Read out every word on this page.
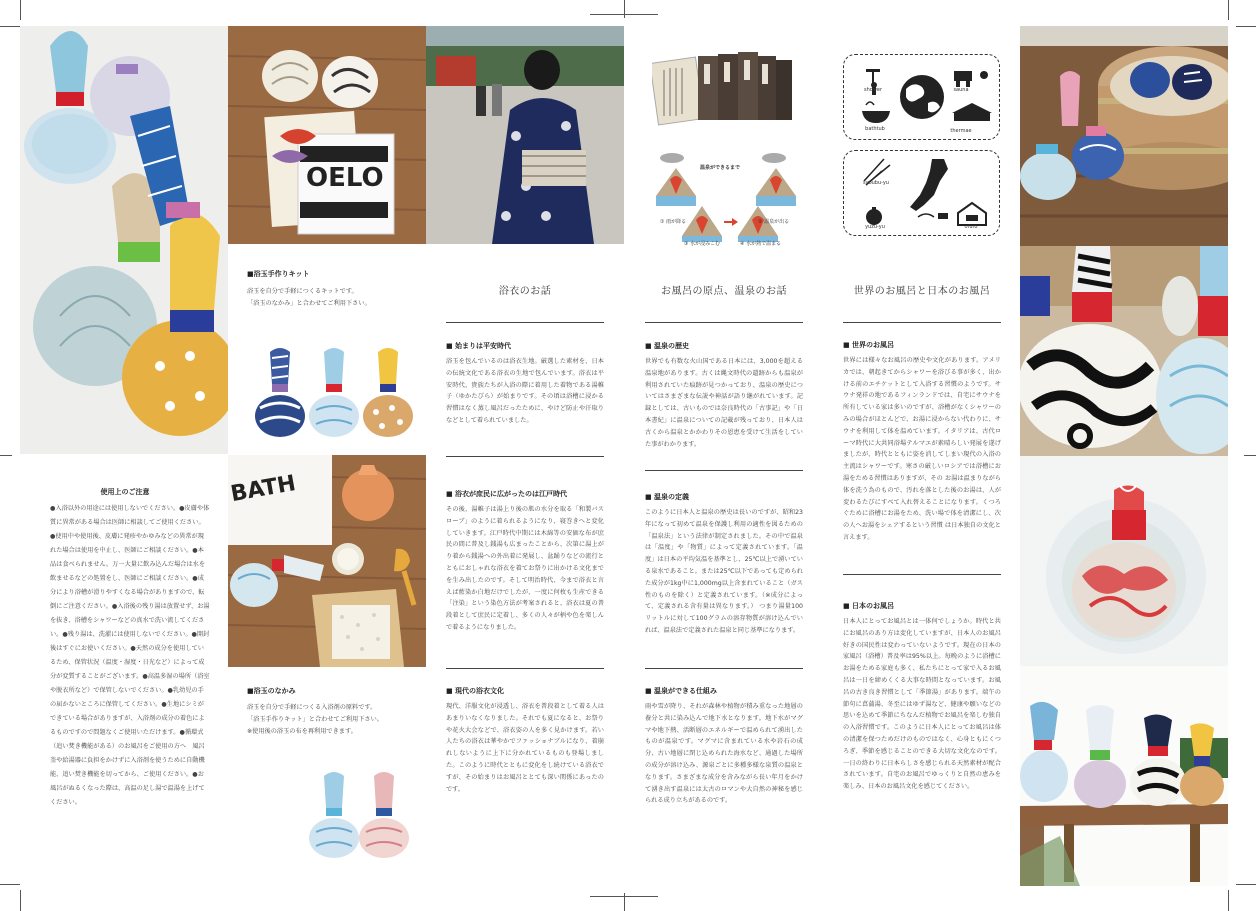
使用上のご注意
●入浴以外の用途には使用しないでください。●皮膚や体質に異常がある場合は医師に相談してご使用ください。●使用中や使用後、皮膚に発疹やかゆみなどの異常が現れた場合は使用を中止し、医師にご相談ください。●本品は食べられません。万一大量に飲み込んだ場合は水を飲ませるなどの処置をし、医師にご相談ください。●成分により浴槽が滑りやすくなる場合がありますので、転倒にご注意ください。●入浴後の残り湯は放置せず、お湯を抜き、浴槽をシャワーなどの真水で洗い流してください。●残り湯は、洗濯には使用しないでください。●開封後はすぐにお使いください。●天然の成分を使用しているため、保管状況（温度・湿度・日光など）によって成分が変質することがございます。●高温多湿の場所（浴室や脱衣所など）で保管しないでください。●乳幼児の手の届かないところに保管してください。●生地にシミができている場合がありますが、入浴剤の成分の着色によるものですので問題なくご使用いただけます。●循環式（追い焚き機能がある）のお風呂をご使用の方へ　風呂釜や給湯器に負担をかけずに入浴剤を使うために自動機能、追い焚き機能を切ってから、ご使用ください。●お風呂がぬるくなった際は、高温の足し湯で温湯を上げてください。
OELO
■浴玉手作りキット
浴玉を自分で手軽につくるキットです。
「浴玉のなかみ」と合わせてご利用下さい。
BATH
■浴玉のなかみ
浴玉を自分で手軽につくる入浴剤の原料です。
「浴玉手作りキット」と合わせてご利用下さい。
※使用後の浴玉の布を再利用できます。
浴衣のお話
■ 始まりは平安時代
浴玉を包んでいるのは浴衣生地。厳選した素材を、日本の伝統文化である浴衣の生地で包んでいます。浴衣は平安時代、貴族たちが入浴の際に着用した着物である湯帷子（ゆかたびら）が始まりです。その頃は浴槽に浸かる習慣はなく蒸し風呂だったために、やけど防止や汗取りなどとして着られていました。
■ 浴衣が庶民に広がったのは江戸時代
その後、湯帷子は湯上り後の肌の水分を取る「和製バスローブ」のように着られるようになり、寝巻きへと変化していきます。江戸時代中期には木綿等の安価な布が庶民の間に普及し銭湯も広まったことから、次第に湯上がり着から銭湯への外出着に発展し、盆踊りなどの流行とともにおしゃれな浴衣を着てお祭りに出かける文化までを生み出したのです。そして明治時代、今まで浴衣と言えば藍染か白地だけでしたが、一度に何枚も生産できる「注染」という染色方法が考案されると、浴衣は夏の普段着として庶民に定着し、多くの人々が柄や色を楽しんで着るようになりました。
■ 現代の浴衣文化
現代、洋服文化が浸透し、浴衣を普段着として着る人はあまりいなくなりました。それでも夏になると、お祭りや花火大会などで、浴衣姿の人を多く見かけます。若い人たちの浴衣は華やかでファッショナブルになり、着崩れしないように上下に分かれているものも登場しました。このように時代とともに変化をし続けている浴衣ですが、その始まりはお風呂ととても深い関係にあったのです。
温泉ができるまで
① 雨が降る	② 温泉が出る
③ 水が浸みこむ	④ 水が熱で温まる
お風呂の原点、温泉のお話
■ 温泉の歴史
世界でも有数な火山国である日本には、3,000を超える温泉地があります。古くは縄文時代の遺跡からも温泉が利用されていた痕跡が見つかっており、温泉の歴史についてはさまざまな伝説や神話が語り継がれています。記録としては、古いものでは奈良時代の「古事記」や「日本書紀」に温泉についての記載が残っており、日本人は古くから温泉とかかわりその恩恵を受けて生活をしていた事がわかります。
■ 温泉の定義
このように日本人と温泉の歴史は長いのですが、昭和23年になって初めて温泉を保護し利用の適性を図るための「温泉法」という法律が制定されました。その中で温泉は「温度」や「物質」によって定義されています。「温度」は日本の平均気温を基準とし、25℃以上で湧いている泉水であること。または25℃以下であっても定められた成分が1kg中に1,000mg以上含まれていること（ガス性のものを除く）と定義されています。（※成分によって、定義される含有量は異なります。） つまり湯量100リットルに対して100グラムの溶存物質が溶け込んでいれば、温泉法で定義された温泉と同じ基準になります。
■ 温泉ができる仕組み
雨や雪が降り、それが森林や植物が積み重なった地層の養分と共に染み込んで地下水となります。地下水がマグマや地下熱、活断層のエネルギーで温められて湧出したものが温泉です。マグマに含まれている水や岩石の成分、古い地層に閉じ込められた海水など、通過した場所の成分が溶け込み、源泉ごとに多種多様な泉質の温泉となります。さまざまな成分を含みながら長い年月をかけて湧き出す温泉には太古のロマンや大自然の神秘を感じられる成り立ちがあるのです。
shower	sauna
bathtub	thermae
syoubu-yu
yuzu-yu	ofuro
世界のお風呂と日本のお風呂
■ 世界のお風呂
世界には様々なお風呂の歴史や文化があります。アメリカでは、朝起きてからシャワーを浴びる事が多く、出かける前のエチケットとして入浴する習慣のようです。サウナ発祥の地であるフィンランドでは、自宅にサウナを所有している家は多いのですが、浴槽がなくシャワーのみの場合がほとんどで、お湯に浸からない代わりに、サウナを利用して体を温めています。イタリアは、古代ローマ時代に大共同浴場テルマエが素晴らしい発展を遂げましたが、時代とともに姿を消してしまい現代の入浴の主流はシャワーです。寒さの厳しいロシアでは浴槽にお湯をためる習慣はありますが、その お湯は温まりながら体を洗う為のもので、汚れを落とした後のお湯は、人が変わるたびにすべて入れ替えることになります。くつろぐために浴槽にお湯をため、洗い場で体を清潔にし、次の人へお湯をシェアするという習慣 は日本独自の文化と言えます。
■ 日本のお風呂
日本人にとってお風呂とは一体何でしょうか。時代と共にお風呂のあり方は変化していますが、日本人のお風呂好きの国民性は変わっていないようです。現在の日本の家風呂（浴槽）普及率は95%以上。毎晩のように浴槽にお湯をためる家庭も多く、私たちにとって家で入るお風呂は一日を締めくくる大事な時間となっています。お風呂の古き良き習慣として「季節湯」があります。端午の節句に菖蒲湯、冬至にはゆず湯など、健康や願いなどの思いを込めて季節にちなんだ植物でお風呂を楽しむ独自の入浴習慣です。このように日本人にとってお風呂は体の清潔を保つためだけのものではなく、心身ともにくつろぎ、季節を感じることのできる大切な文化なのです。一日の終わりに日本らしさを感じられる天然素材が配合されています。自宅のお風呂でゆっくりと自然の恵みを楽しみ、日本のお風呂文化を感じてください。
